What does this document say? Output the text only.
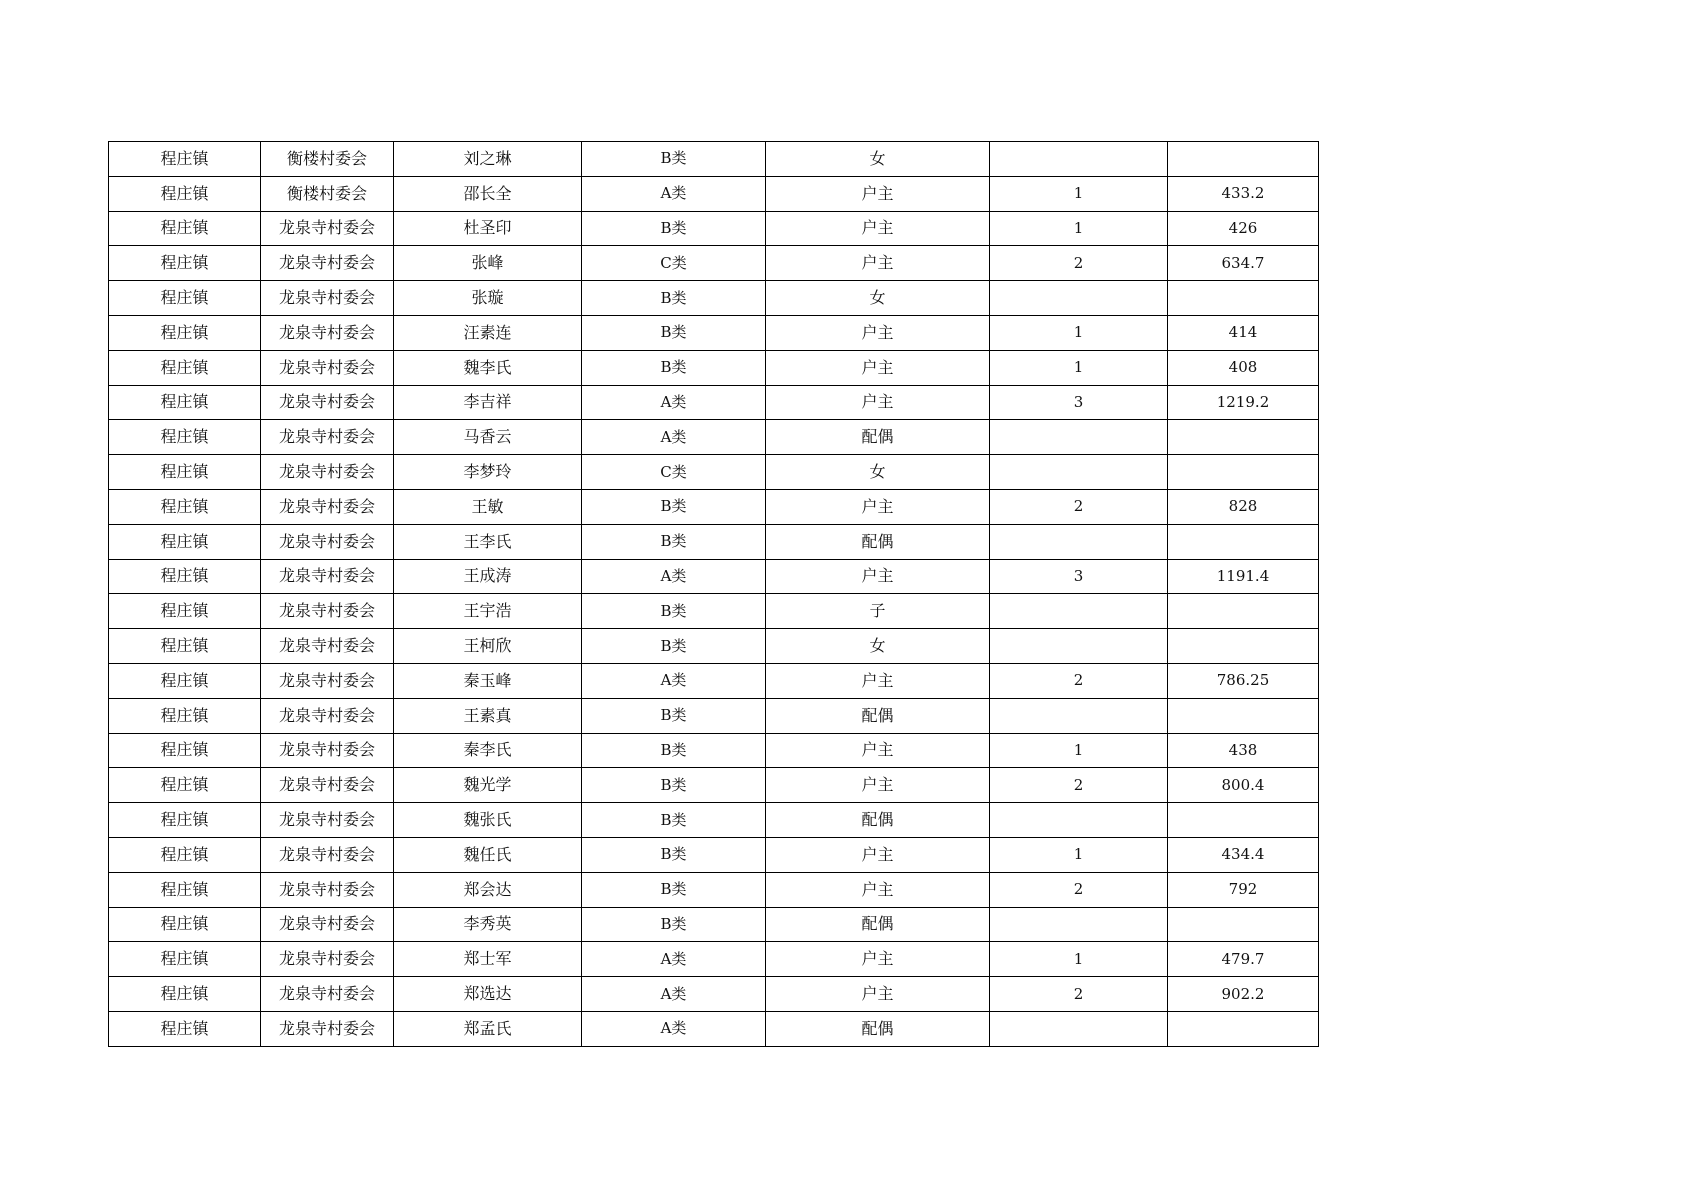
程庄镇	衡楼村委会	刘之琳	B类	女		
程庄镇	衡楼村委会	邵长全	A类	户主	1	433.2
程庄镇	龙泉寺村委会	杜圣印	B类	户主	1	426
程庄镇	龙泉寺村委会	张峰	C类	户主	2	634.7
程庄镇	龙泉寺村委会	张璇	B类	女		
程庄镇	龙泉寺村委会	汪素连	B类	户主	1	414
程庄镇	龙泉寺村委会	魏李氏	B类	户主	1	408
程庄镇	龙泉寺村委会	李吉祥	A类	户主	3	1219.2
程庄镇	龙泉寺村委会	马香云	A类	配偶		
程庄镇	龙泉寺村委会	李梦玲	C类	女		
程庄镇	龙泉寺村委会	王敏	B类	户主	2	828
程庄镇	龙泉寺村委会	王李氏	B类	配偶		
程庄镇	龙泉寺村委会	王成涛	A类	户主	3	1191.4
程庄镇	龙泉寺村委会	王宇浩	B类	子		
程庄镇	龙泉寺村委会	王柯欣	B类	女		
程庄镇	龙泉寺村委会	秦玉峰	A类	户主	2	786.25
程庄镇	龙泉寺村委会	王素真	B类	配偶		
程庄镇	龙泉寺村委会	秦李氏	B类	户主	1	438
程庄镇	龙泉寺村委会	魏光学	B类	户主	2	800.4
程庄镇	龙泉寺村委会	魏张氏	B类	配偶		
程庄镇	龙泉寺村委会	魏任氏	B类	户主	1	434.4
程庄镇	龙泉寺村委会	郑会达	B类	户主	2	792
程庄镇	龙泉寺村委会	李秀英	B类	配偶		
程庄镇	龙泉寺村委会	郑士军	A类	户主	1	479.7
程庄镇	龙泉寺村委会	郑选达	A类	户主	2	902.2
程庄镇	龙泉寺村委会	郑孟氏	A类	配偶		
